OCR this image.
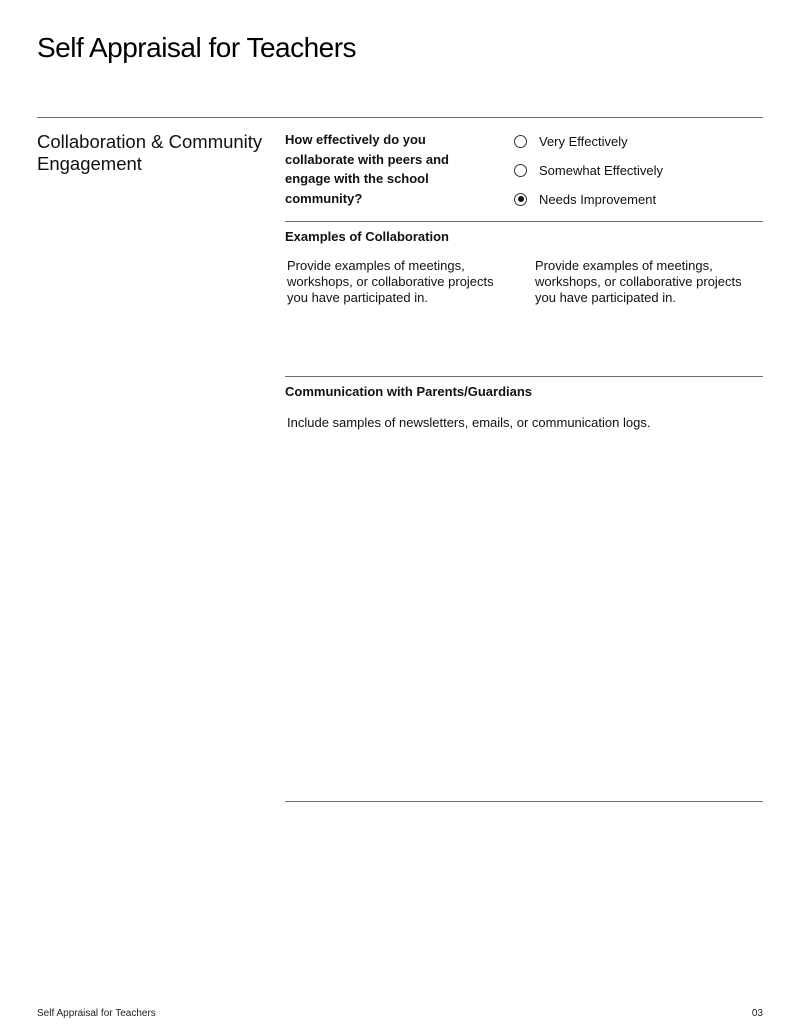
Self Appraisal for Teachers
Collaboration & Community Engagement
How effectively do you collaborate with peers and engage with the school community?
Very Effectively
Somewhat Effectively
Needs Improvement
Examples of Collaboration
Provide examples of meetings, workshops, or collaborative projects you have participated in.
Provide examples of meetings, workshops, or collaborative projects you have participated in.
Communication with Parents/Guardians
Include samples of newsletters, emails, or communication logs.
Self Appraisal for Teachers	03
